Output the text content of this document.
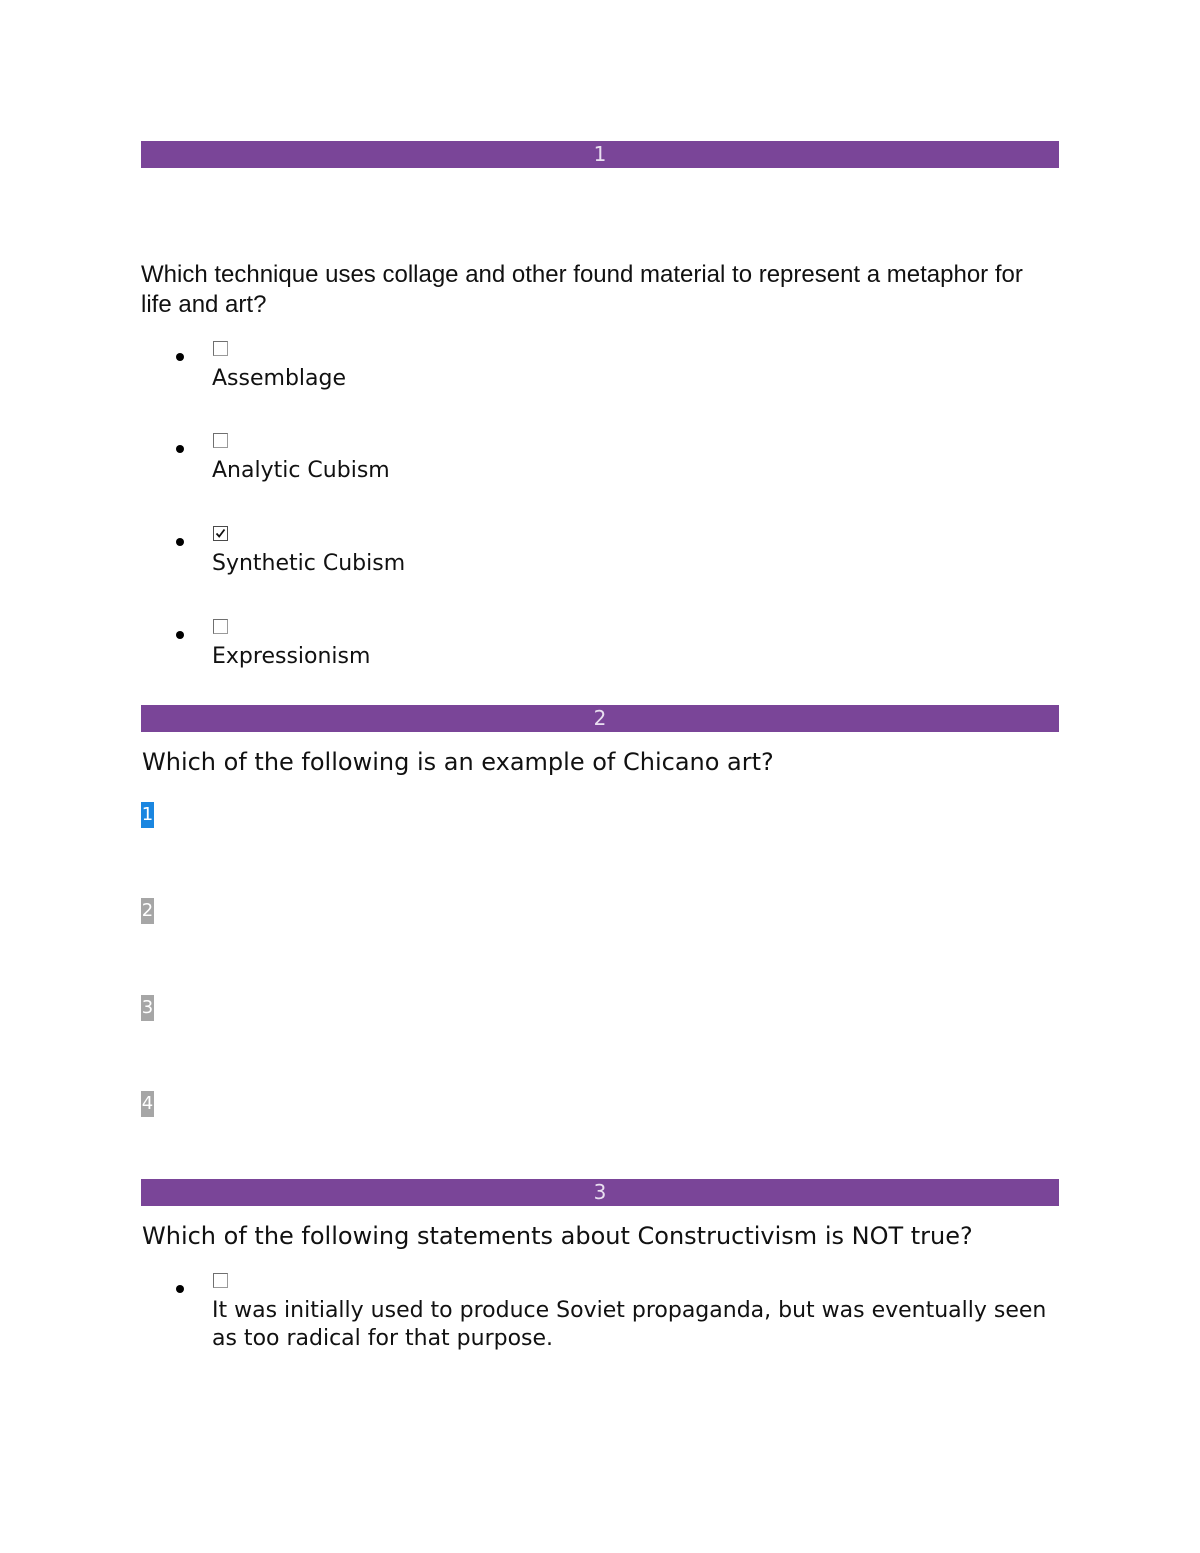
1
Which technique uses collage and other found material to represent a metaphor for life and art?
Assemblage
Analytic Cubism
Synthetic Cubism
Expressionism
2
Which of the following is an example of Chicano art?
1
2
3
4
3
Which of the following statements about Constructivism is NOT true?
It was initially used to produce Soviet propaganda, but was eventually seen as too radical for that purpose.
